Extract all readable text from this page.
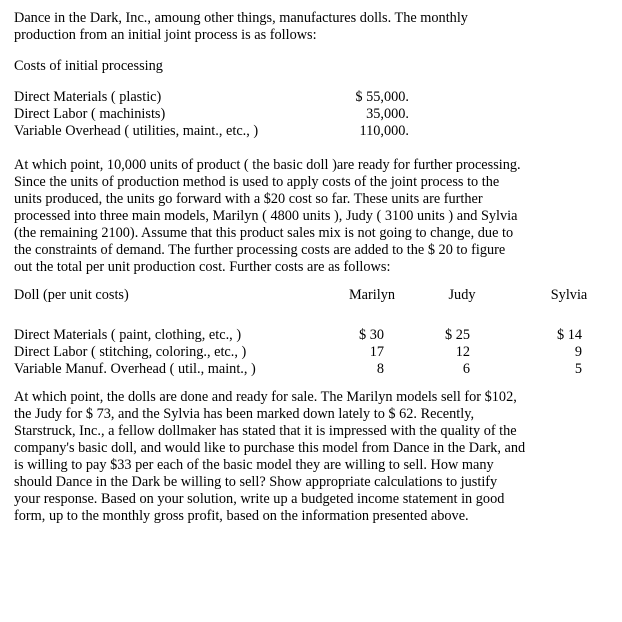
Dance in the Dark, Inc., amoung other things, manufactures dolls. The monthly
production from an initial joint process is as follows:
Costs of initial processing
Direct Materials ( plastic)	$ 55,000.
Direct Labor ( machinists)	35,000.
Variable Overhead ( utilities, maint., etc., )	110,000.
At which point, 10,000 units of product ( the basic doll )are ready for further processing.
Since the units of production method is used to apply costs of the joint process to the
units produced, the units go forward with a $20 cost so far. These units are further
processed into three main models, Marilyn ( 4800 units ), Judy ( 3100 units ) and Sylvia
(the remaining 2100). Assume that this product sales mix is not going to change, due to
the constraints of demand. The further processing costs are added to the $ 20 to figure
out the total per unit production cost. Further costs are as follows:
Doll (per unit costs)	Marilyn	Judy	Sylvia
Direct Materials ( paint, clothing, etc., )	$ 30	$ 25	$ 14
Direct Labor ( stitching, coloring., etc., )	17	12	9
Variable Manuf. Overhead ( util., maint., )	8	6	5
At which point, the dolls are done and ready for sale. The Marilyn models sell for $102,
the Judy for $ 73, and the Sylvia has been marked down lately to $ 62. Recently,
Starstruck, Inc., a fellow dollmaker has stated that it is impressed with the quality of the
company's basic doll, and would like to purchase this model from Dance in the Dark, and
is willing to pay $33 per each of the basic model they are willing to sell. How many
should Dance in the Dark be willing to sell? Show appropriate calculations to justify
your response. Based on your solution, write up a budgeted income statement in good
form, up to the monthly gross profit, based on the information presented above.
